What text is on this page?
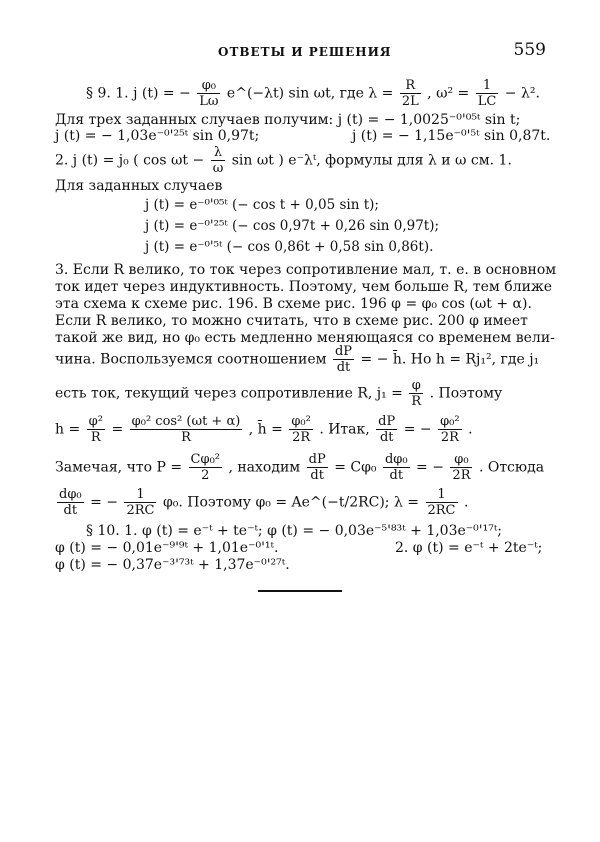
ОТВЕТЫ И РЕШЕНИЯ	559
§ 9. 1. j (t) = − $\frac{\text{φ₀}}{L\omega}$ e^(−λt) sin ωt, где $\lambda = \frac{R}{2L}$ , $\omega^2 = \frac{1}{LC} - \lambda^2$.
Для трех заданных случаев получим: j (t) = − 1,0025⁻⁰'⁰⁵ᵗ sin t;
j (t) = − 1,03e⁻⁰'²⁵ᵗ sin 0,97t;	j (t) = − 1,15e⁻⁰'⁵ᵗ sin 0,87t.
2. j (t) = j₀ ( $\cos \omega t - \frac{\lambda}{\omega}$ sin ωt ) e⁻λᵗ, формулы для λ и ω см. 1.
Для заданных случаев
j (t) = e⁻⁰'⁰⁵ᵗ (− cos t + 0,05 sin t);
j (t) = e⁻⁰'²⁵ᵗ (− cos 0,97t + 0,26 sin 0,97t);
j (t) = e⁻⁰'⁵ᵗ (− cos 0,86t + 0,58 sin 0,86t).
3. Если R велико, то ток через сопротивление мал, т. е. в основном
ток идет через индуктивность. Поэтому, чем больше R, тем ближе
эта схема к схеме рис. 196. В схеме рис. 196 φ = φ₀ cos (ωt + α).
Если R велико, то можно считать, что в схеме рис. 200 φ имеет
такой же вид, но φ₀ есть медленно меняющаяся со временем вели-
чина. Воспользуемся соотношением $\frac{dP}{dt}$ = − h̄. Но h = Rj₁², где j₁
есть ток, текущий через сопротивление R, $j_1 = \frac{\varphi}{R}$ . Поэтому
$h = \frac{\text{φ²}}{R} = \frac{\text{φ₀² cos² (ωt + α)}}{R}$ , h̄ = $\frac{\text{φ₀²}}{2R}$ . Итак, $\frac{dP}{dt}$ = − $\frac{\text{φ₀²}}{2R}$ .
Замечая, что $P = \frac{\text{Cφ₀²}}{2}$ , находим $\frac{dP}{dt} = C\varphi_0 \frac{\text{dφ₀}}{dt}$ = − $\frac{\text{φ₀}}{2R}$ . Отсюда
$\frac{\text{dφ₀}}{dt}$ = − $\frac{1}{2RC} \varphi_0$. Поэтому φ₀ = Ae^(−t/2RC); $\lambda = \frac{1}{2RC}$ .
§ 10. 1. φ (t) = e⁻ᵗ + te⁻ᵗ; φ (t) = − 0,03e⁻⁵'⁸³ᵗ + 1,03e⁻⁰'¹⁷ᵗ;
φ (t) = − 0,01e⁻⁹'⁹ᵗ + 1,01e⁻⁰'¹ᵗ.	2. φ (t) = e⁻ᵗ + 2te⁻ᵗ;
φ (t) = − 0,37e⁻³'⁷³ᵗ + 1,37e⁻⁰'²⁷ᵗ.
